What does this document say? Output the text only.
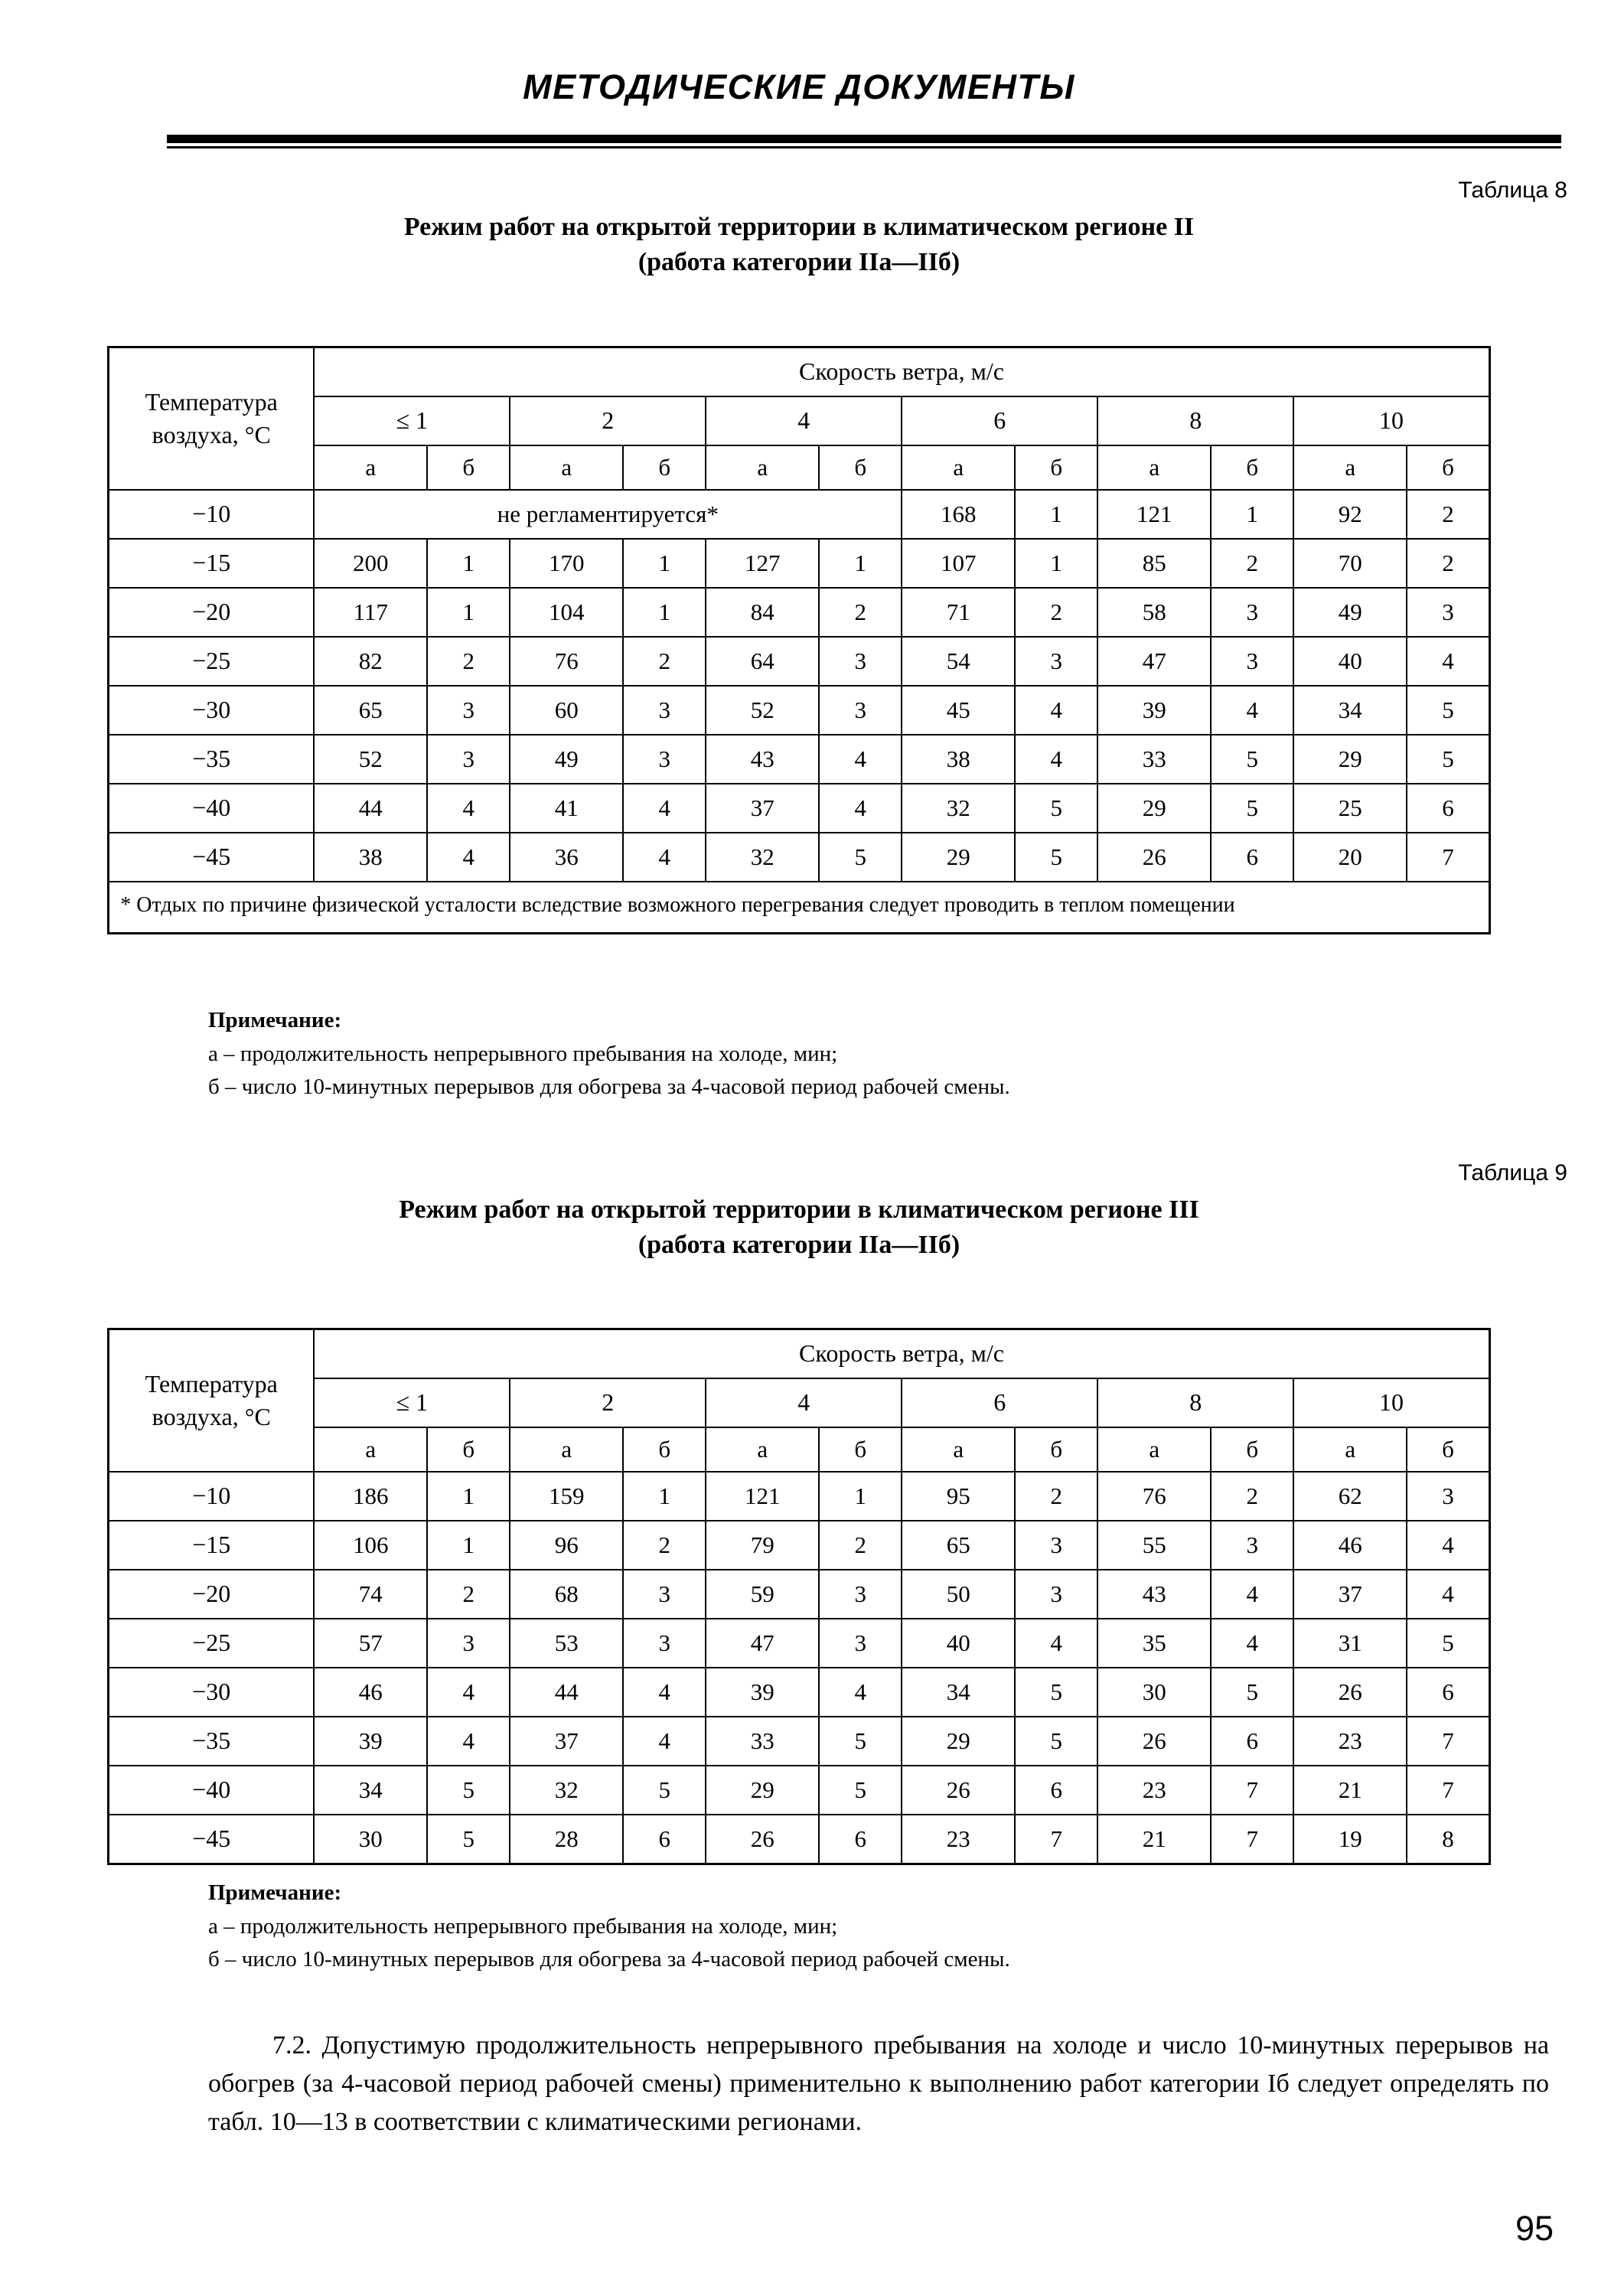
МЕТОДИЧЕСКИЕ ДОКУМЕНТЫ
Таблица 8
Режим работ на открытой территории в климатическом регионе II
(работа категории IIа—IIб)
Температура воздуха, °С	Скорость ветра, м/с											
	≤ 1		2		4		6		8		10	
	а	б	а	б	а	б	а	б	а	б	а	б
−10	не регламентируется*						168	1	121	1	92	2
−15	200	1	170	1	127	1	107	1	85	2	70	2
−20	117	1	104	1	84	2	71	2	58	3	49	3
−25	82	2	76	2	64	3	54	3	47	3	40	4
−30	65	3	60	3	52	3	45	4	39	4	34	5
−35	52	3	49	3	43	4	38	4	33	5	29	5
−40	44	4	41	4	37	4	32	5	29	5	25	6
−45	38	4	36	4	32	5	29	5	26	6	20	7
* Отдых по причине физической усталости вследствие возможного перегревания следует проводить в теплом помещении												
Примечание:
а – продолжительность непрерывного пребывания на холоде, мин;
б – число 10-минутных перерывов для обогрева за 4-часовой период рабочей смены.
Таблица 9
Режим работ на открытой территории в климатическом регионе III
(работа категории IIа—IIб)
Температура воздуха, °С	Скорость ветра, м/с											
	≤ 1		2		4		6		8		10	
	а	б	а	б	а	б	а	б	а	б	а	б
−10	186	1	159	1	121	1	95	2	76	2	62	3
−15	106	1	96	2	79	2	65	3	55	3	46	4
−20	74	2	68	3	59	3	50	3	43	4	37	4
−25	57	3	53	3	47	3	40	4	35	4	31	5
−30	46	4	44	4	39	4	34	5	30	5	26	6
−35	39	4	37	4	33	5	29	5	26	6	23	7
−40	34	5	32	5	29	5	26	6	23	7	21	7
−45	30	5	28	6	26	6	23	7	21	7	19	8
Примечание:
а – продолжительность непрерывного пребывания на холоде, мин;
б – число 10-минутных перерывов для обогрева за 4-часовой период рабочей смены.

7.2. Допустимую продолжительность непрерывного пребывания на холоде и число 10-минутных перерывов на обогрев (за 4-часовой период рабочей смены) применительно к выполнению работ категории Iб следует определять по табл. 10—13 в соответствии с климатическими регионами.

95
